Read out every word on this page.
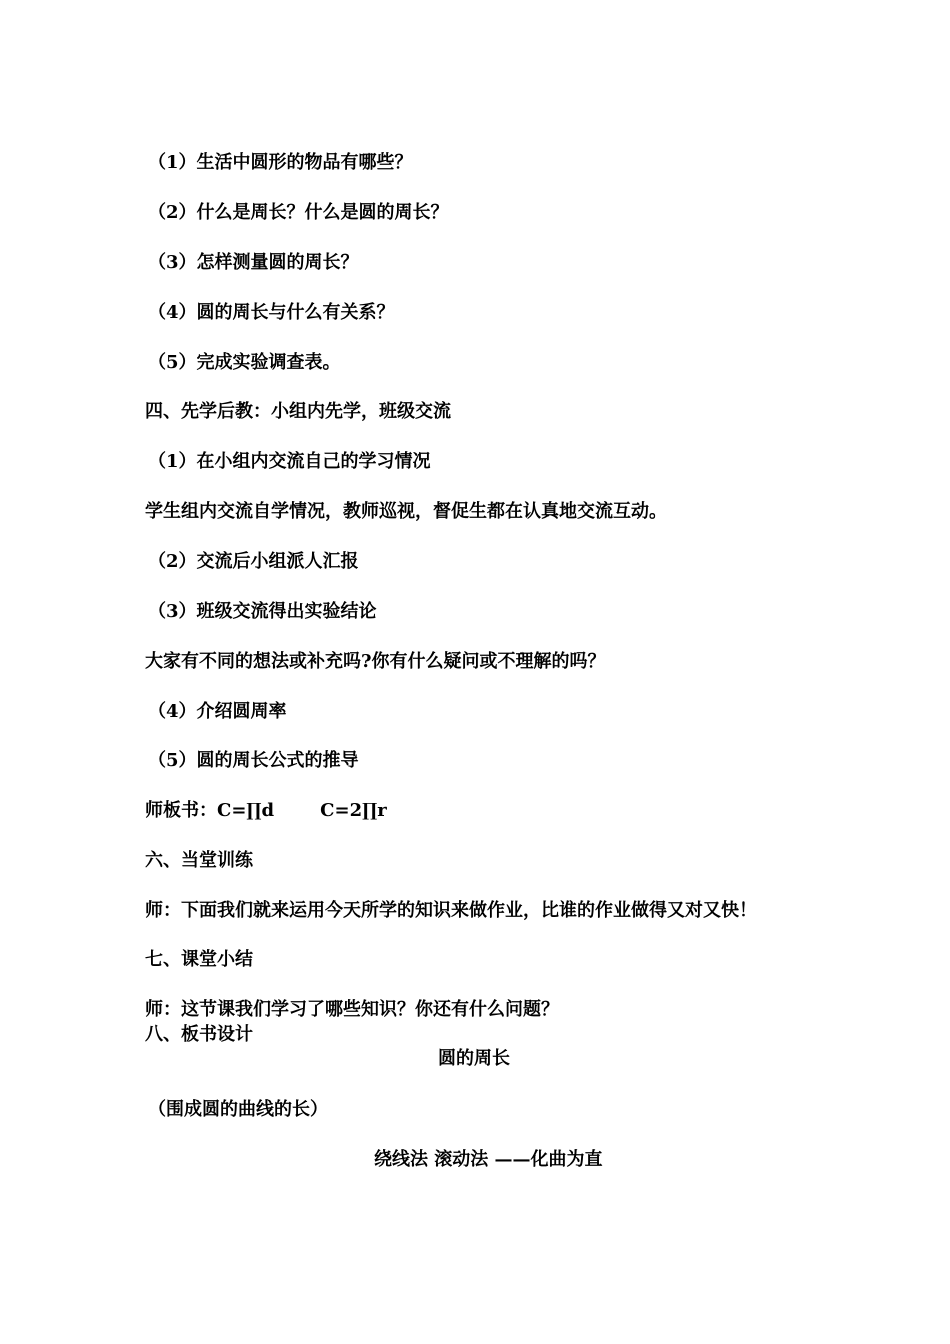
（1）生活中圆形的物品有哪些？
（2）什么是周长？什么是圆的周长？
（3）怎样测量圆的周长？
（4）圆的周长与什么有关系？
（5）完成实验调查表。
四、先学后教：小组内先学，班级交流
（1）在小组内交流自己的学习情况
学生组内交流自学情况，教师巡视，督促生都在认真地交流互动。
（2）交流后小组派人汇报
（3）班级交流得出实验结论
大家有不同的想法或补充吗?你有什么疑问或不理解的吗？
（4）介绍圆周率
（5）圆的周长公式的推导
师板书：C=∏d	C=2∏r
六、当堂训练
师：下面我们就来运用今天所学的知识来做作业，比谁的作业做得又对又快！
七、课堂小结
师：这节课我们学习了哪些知识？你还有什么问题？
八、板书设计
圆的周长
（围成圆的曲线的长）
绕线法 滚动法 ——化曲为直
